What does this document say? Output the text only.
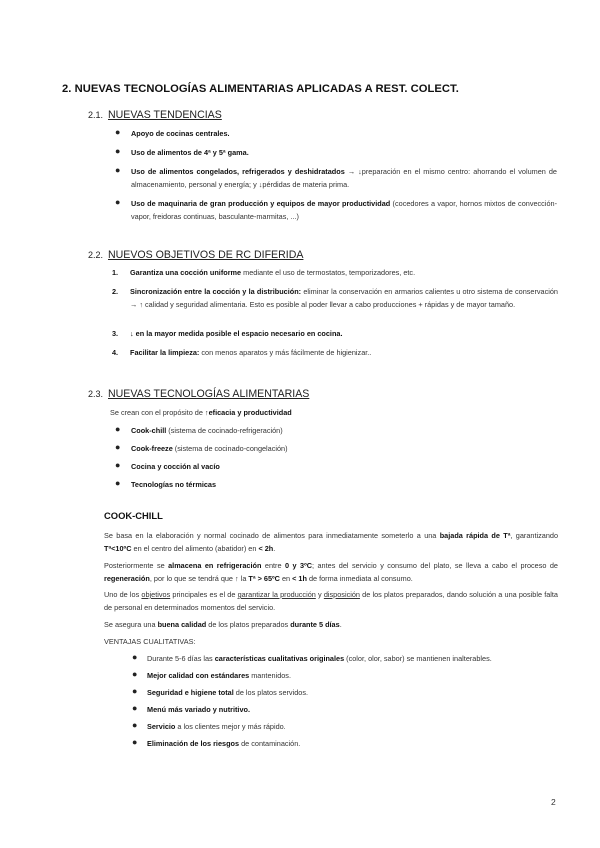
2. NUEVAS TECNOLOGÍAS ALIMENTARIAS APLICADAS A REST. COLECT.
2.1. NUEVAS TENDENCIAS
● Apoyo de cocinas centrales.
● Uso de alimentos de 4ª y 5ª gama.
● Uso de alimentos congelados, refrigerados y deshidratados → ↓preparación en el mismo centro: ahorrando el volumen de almacenamiento, personal y energía; y ↓pérdidas de materia prima.
● Uso de maquinaria de gran producción y equipos de mayor productividad (cocedores a vapor, hornos mixtos de convección-vapor, freidoras continuas, basculante-marmitas, ...)
2.2. NUEVOS OBJETIVOS DE RC DIFERIDA
1. Garantiza una cocción uniforme mediante el uso de termostatos, temporizadores, etc.
2. Sincronización entre la cocción y la distribución: eliminar la conservación en armarios calientes u otro sistema de conservación → ↑ calidad y seguridad alimentaria. Esto es posible al poder llevar a cabo producciones + rápidas y de mayor tamaño.
3. ↓ en la mayor medida posible el espacio necesario en cocina.
4. Facilitar la limpieza: con menos aparatos y más fácilmente de higienizar..
2.3. NUEVAS TECNOLOGÍAS ALIMENTARIAS
Se crean con el propósito de ↑eficacia y productividad
● Cook-chill (sistema de cocinado-refrigeración)
● Cook-freeze (sistema de cocinado-congelación)
● Cocina y cocción al vacío
● Tecnologías no térmicas
COOK-CHILL
Se basa en la elaboración y normal cocinado de alimentos para inmediatamente someterlo a una bajada rápida de Tª, garantizando Tª<10ºC en el centro del alimento (abatidor) en < 2h.
Posteriormente se almacena en refrigeración entre 0 y 3ºC; antes del servicio y consumo del plato, se lleva a cabo el proceso de regeneración, por lo que se tendrá que ↑ la Tª > 65ºC en < 1h de forma inmediata al consumo.
Uno de los objetivos principales es el de garantizar la producción y disposición de los platos preparados, dando solución a una posible falta de personal en determinados momentos del servicio.
Se asegura una buena calidad de los platos preparados durante 5 días.
VENTAJAS CUALITATIVAS:
● Durante 5-6 días las características cualitativas originales (color, olor, sabor) se mantienen inalterables.
● Mejor calidad con estándares mantenidos.
● Seguridad e higiene total de los platos servidos.
● Menú más variado y nutritivo.
● Servicio a los clientes mejor y más rápido.
● Eliminación de los riesgos de contaminación.
2
